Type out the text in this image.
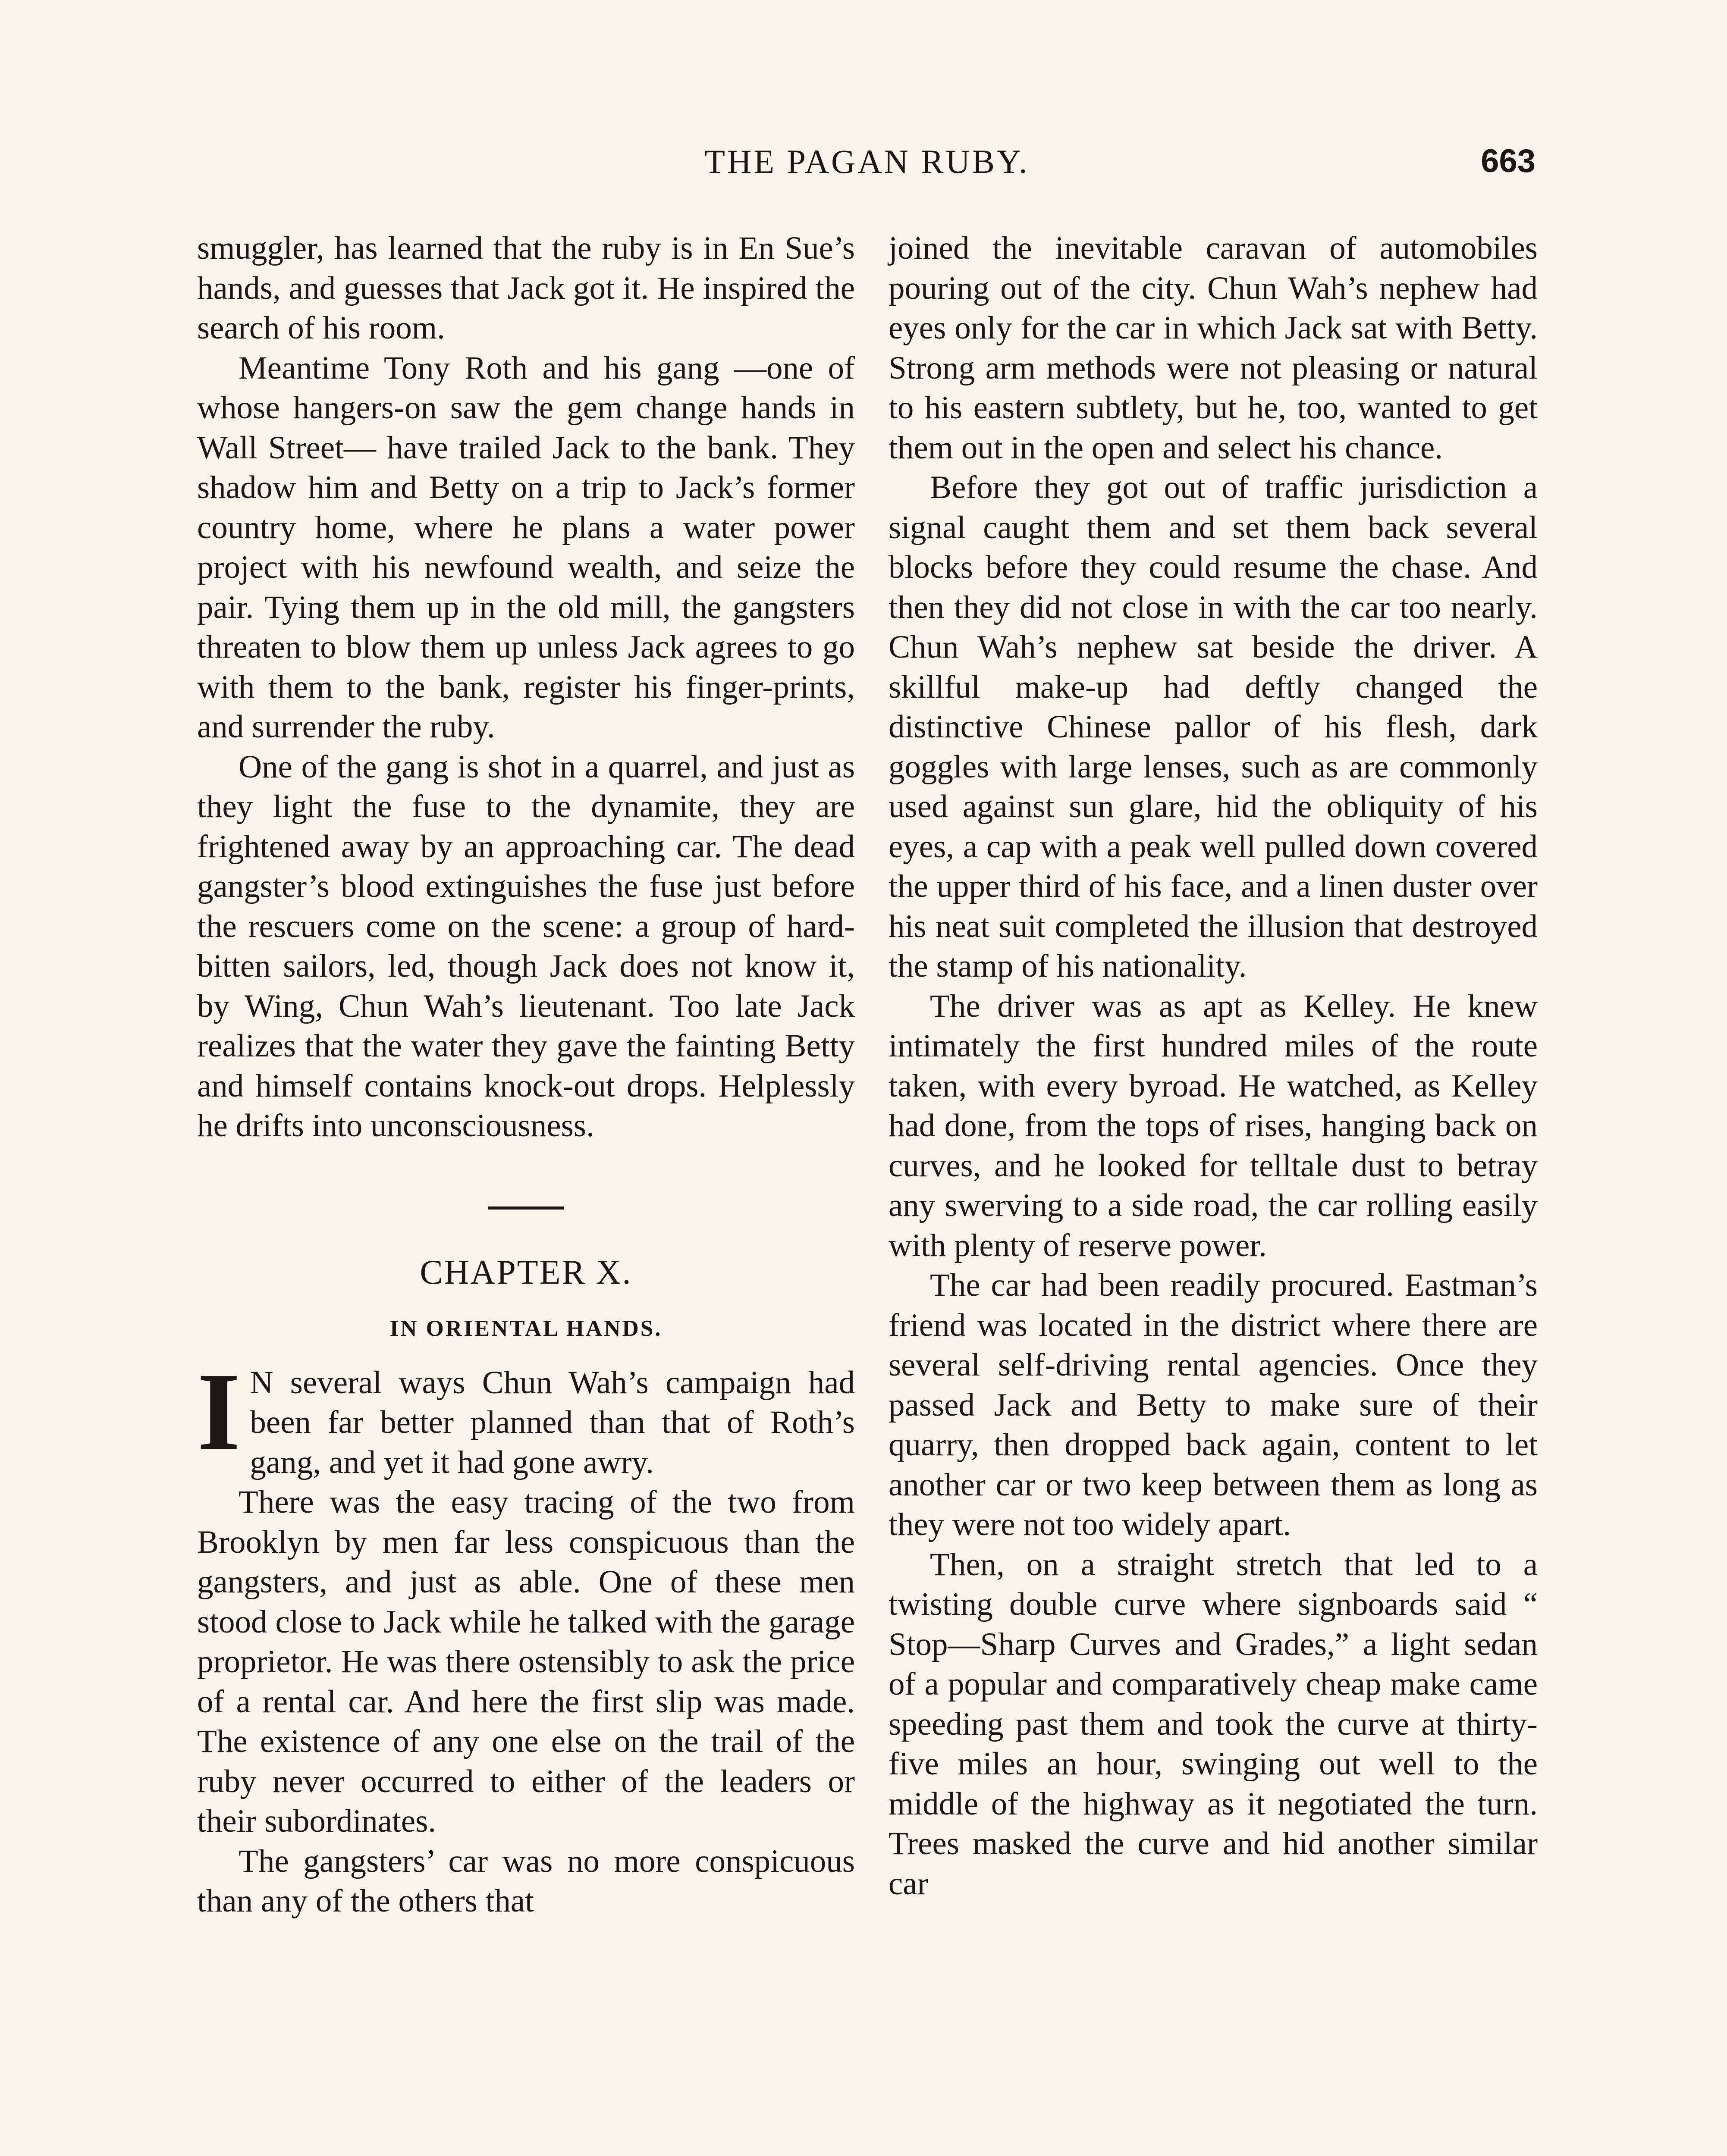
THE PAGAN RUBY.	663

smuggler, has learned that the ruby is in En Sue’s hands, and guesses that Jack got it. He inspired the search of his room.

Meantime Tony Roth and his gang —one of whose hangers-on saw the gem change hands in Wall Street— have trailed Jack to the bank. They shadow him and Betty on a trip to Jack’s former country home, where he plans a water power project with his newfound wealth, and seize the pair. Tying them up in the old mill, the gangsters threaten to blow them up unless Jack agrees to go with them to the bank, register his finger-prints, and surrender the ruby.

One of the gang is shot in a quarrel, and just as they light the fuse to the dynamite, they are frightened away by an approaching car. The dead gangster’s blood extinguishes the fuse just before the rescuers come on the scene: a group of hard-bitten sailors, led, though Jack does not know it, by Wing, Chun Wah’s lieutenant. Too late Jack realizes that the water they gave the fainting Betty and himself contains knock-out drops. Helplessly he drifts into unconsciousness.

CHAPTER X.

IN ORIENTAL HANDS.

I N several ways Chun Wah’s campaign had been far better planned than that of Roth’s gang, and yet it had gone awry.

There was the easy tracing of the two from Brooklyn by men far less conspicuous than the gangsters, and just as able. One of these men stood close to Jack while he talked with the garage proprietor. He was there ostensibly to ask the price of a rental car. And here the first slip was made. The existence of any one else on the trail of the ruby never occurred to either of the leaders or their subordinates.

The gangsters’ car was no more conspicuous than any of the others that

joined the inevitable caravan of automobiles pouring out of the city. Chun Wah’s nephew had eyes only for the car in which Jack sat with Betty. Strong arm methods were not pleasing or natural to his eastern subtlety, but he, too, wanted to get them out in the open and select his chance.

Before they got out of traffic jurisdiction a signal caught them and set them back several blocks before they could resume the chase. And then they did not close in with the car too nearly. Chun Wah’s nephew sat beside the driver. A skillful make-up had deftly changed the distinctive Chinese pallor of his flesh, dark goggles with large lenses, such as are commonly used against sun glare, hid the obliquity of his eyes, a cap with a peak well pulled down covered the upper third of his face, and a linen duster over his neat suit completed the illusion that destroyed the stamp of his nationality.

The driver was as apt as Kelley. He knew intimately the first hundred miles of the route taken, with every byroad. He watched, as Kelley had done, from the tops of rises, hanging back on curves, and he looked for telltale dust to betray any swerving to a side road, the car rolling easily with plenty of reserve power.

The car had been readily procured. Eastman’s friend was located in the district where there are several self-driving rental agencies. Once they passed Jack and Betty to make sure of their quarry, then dropped back again, content to let another car or two keep between them as long as they were not too widely apart.

Then, on a straight stretch that led to a twisting double curve where signboards said “ Stop—Sharp Curves and Grades,” a light sedan of a popular and comparatively cheap make came speeding past them and took the curve at thirty-five miles an hour, swinging out well to the middle of the highway as it negotiated the turn. Trees masked the curve and hid another similar car
